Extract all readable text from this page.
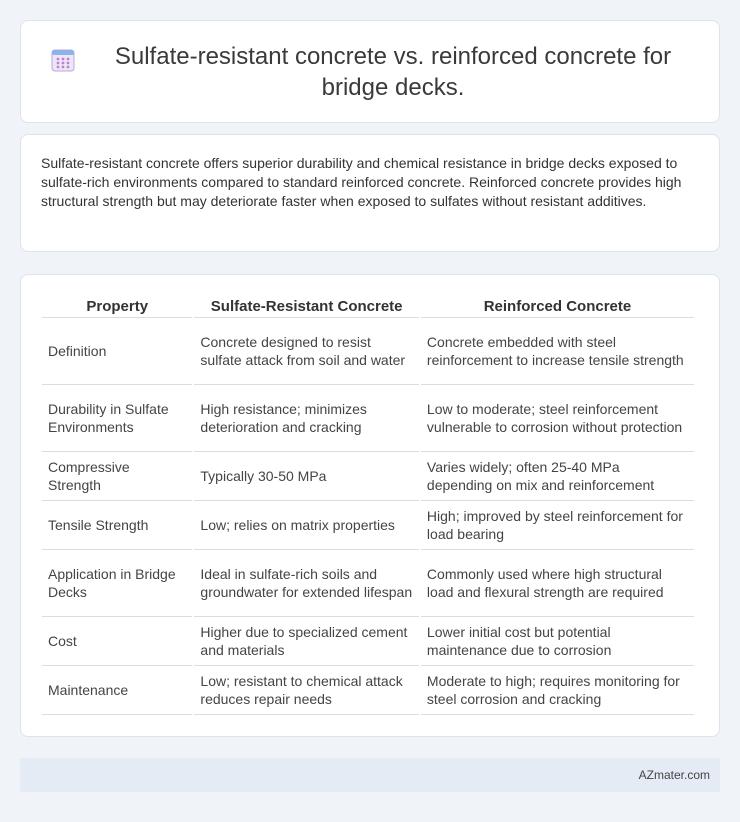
Sulfate-resistant concrete vs. reinforced concrete for bridge decks.

Sulfate-resistant concrete offers superior durability and chemical resistance in bridge decks exposed to sulfate-rich environments compared to standard reinforced concrete. Reinforced concrete provides high structural strength but may deteriorate faster when exposed to sulfates without resistant additives.

Property	Sulfate-Resistant Concrete	Reinforced Concrete
Definition	Concrete designed to resist sulfate attack from soil and water	Concrete embedded with steel reinforcement to increase tensile strength
Durability in Sulfate Environments	High resistance; minimizes deterioration and cracking	Low to moderate; steel reinforcement vulnerable to corrosion without protection
Compressive Strength	Typically 30-50 MPa	Varies widely; often 25-40 MPa depending on mix and reinforcement
Tensile Strength	Low; relies on matrix properties	High; improved by steel reinforcement for load bearing
Application in Bridge Decks	Ideal in sulfate-rich soils and groundwater for extended lifespan	Commonly used where high structural load and flexural strength are required
Cost	Higher due to specialized cement and materials	Lower initial cost but potential maintenance due to corrosion
Maintenance	Low; resistant to chemical attack reduces repair needs	Moderate to high; requires monitoring for steel corrosion and cracking
AZmater.com
